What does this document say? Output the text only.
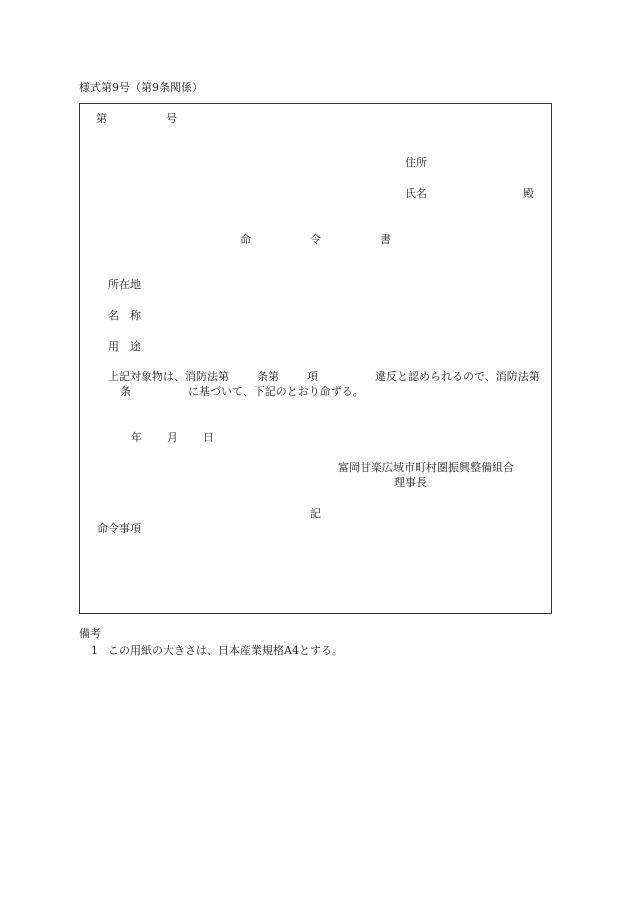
様式第9号（第9条関係）
第	号
住所
氏名	殿
命	令	書
所在地
名 称
用 途
上記対象物は、消防法第	条第	項	違反と認められるので、消防法第
条	に基づいて、下記のとおり命ずる。
年 月 日
富岡甘楽広域市町村圏振興整備組合
理事長
記
命令事項
備考
1 この用紙の大きさは、日本産業規格A4とする。
